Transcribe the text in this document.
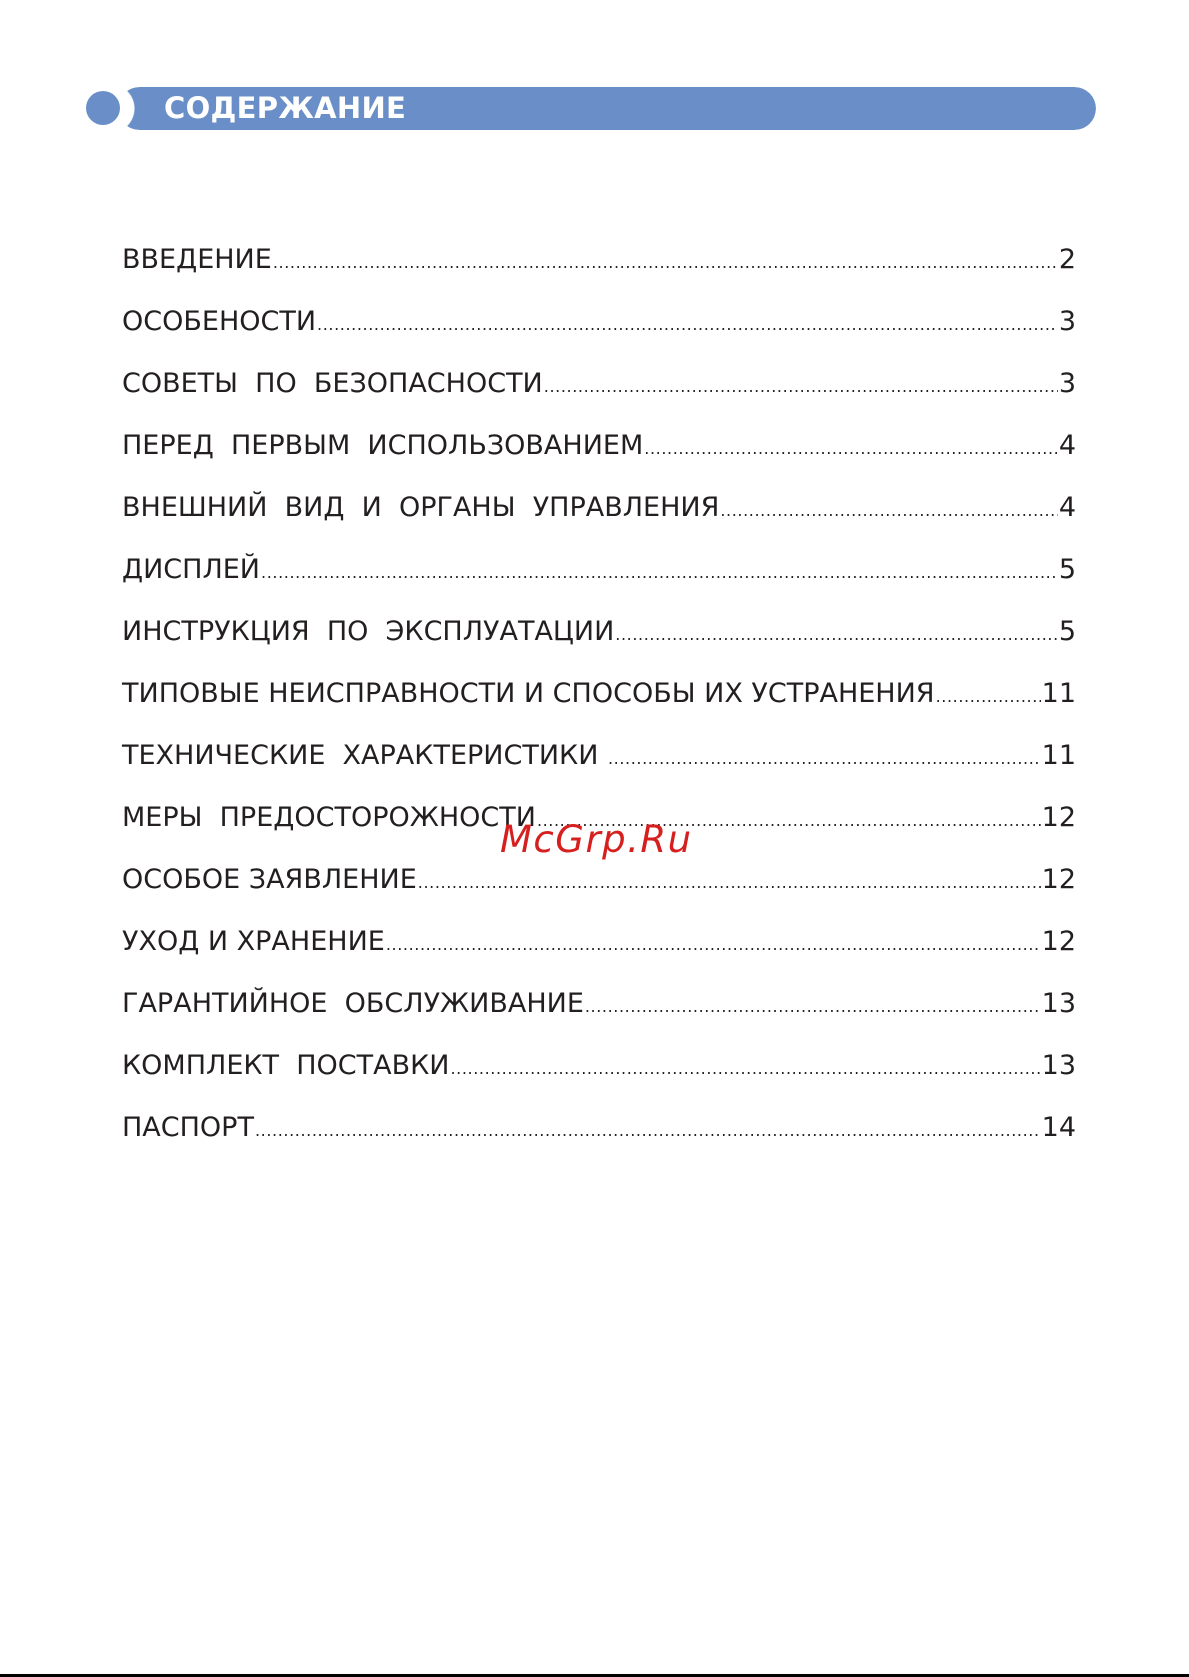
СОДЕРЖАНИЕ
ВВЕДЕНИЕ .....	2
ОСОБЕНОСТИ .....	3
СОВЕТЫ  ПО  БЕЗОПАСНОСТИ .....	3
ПЕРЕД  ПЕРВЫМ  ИСПОЛЬЗОВАНИЕМ .....	4
ВНЕШНИЙ  ВИД  И  ОРГАНЫ  УПРАВЛЕНИЯ .....	4
ДИСПЛЕЙ .....	5
ИНСТРУКЦИЯ  ПО  ЭКСПЛУАТАЦИИ .....	5
ТИПОВЫЕ НЕИСПРАВНОСТИ И СПОСОБЫ ИХ УСТРАНЕНИЯ .....	11
ТЕХНИЧЕСКИЕ  ХАРАКТЕРИСТИКИ .....	11
МЕРЫ  ПРЕДОСТОРОЖНОСТИ .....	12
ОСОБОЕ ЗАЯВЛЕНИЕ .....	12
УХОД И ХРАНЕНИЕ .....	12
ГАРАНТИЙНОЕ  ОБСЛУЖИВАНИЕ .....	13
КОМПЛЕКТ  ПОСТАВКИ .....	13
ПАСПОРТ .....	14
McGrp.Ru
